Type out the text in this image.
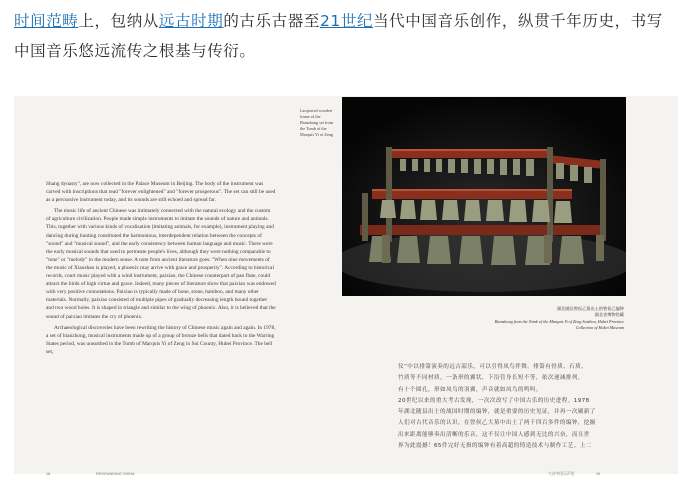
时间范畴上，包纳从远古时期的古乐古器至21世纪当代中国音乐创作，纵贯千年历史，书写
中国音乐悠远流传之根基与传衍。

Shang dynasty", are now collected in the Palace Museum in Beijing. The body of the instrument was carved with inscriptions that read "forever enlightened" and "forever prosperous". The set can still be used as a percussive instrument today, and its sounds are still echoed and spread far.

The music life of ancient Chinese was intimately connected with the natural ecology and the custom of agriculture civilization. People made simple instruments to imitate the sounds of nature and animals. This, together with various kinds of vocalisation (imitating animals, for example), instrument playing and dancing during hunting constituted the harmonious, interdependent relation between the concepts of "sound" and "musical sound", and the early consistency between human language and music. There were the early musical sounds that used to permeate people's lives, although they were nothing comparable to "tone" or "melody" in the modern sense. A note from ancient literature goes: "When nine movements of the music of Xiaoshao is played, a phoenix may arrive with grace and prosperity". According to historical records, court music played with a wind instrument, paixiao, the Chinese counterpart of pan flute, could attract the birds of high virtue and grace. Indeed, many pieces of literature show that paixiao was endowed with very positive connotations. Paixiao is typically made of bone, stone, bamboo, and many other materials. Normally, paixiao consisted of multiple pipes of gradually decreasing length bound together and two wood holes. It is shaped in triangle and similar to the wing of phoenix. Also, it is believed that the sound of paixiao imitates the cry of phoenix.

Archaeological discoveries have been rewriting the history of Chinese music again and again. In 1978, a set of bianzhong, musical instruments made up of a group of bronze bells that dated back to the Warring States period, was unearthed in the Tomb of Marquis Yi of Zeng in Sui County, Hubei Province. The bell set,

Lacquered wooden frame of the Bianzhong set from the Tomb of the Marquis Yi of Zeng
湖北随县曾侯乙墓出土的曾侯乙编钟
湖北省博物馆藏
Bianzhong from the Tomb of the Marquis Yi of Zeng Suizhou, Hubei Province
Collection of Hubei Museum

仪”中以排箫演奏的远古韶乐，可以引得凤鸟伴舞。排箫有骨质、石质、

竹质等不同材质，一条形的翼状，下沿管身长短不等，依次递减排列，

有十个圆孔，形如凤鸟的羽翼，声音就如凤鸟的鸣叫。

20世纪以来的重大考古发现，一次次改写了中国古乐的历史进程。1978

年湖北随县出土的战国时期的编钟，就是重要的历史见证，并再一次刷新了

人们对古代音乐的认识。在曾侯乙大墓中出土了两千四百多件的编钟，挖掘

出来距离能够奏出清晰的乐音，这不仅让中国人感到无比的兴奋，而且世

界为此震撼！65件完好无损的编钟有着高超的铸造技术与制作工艺。上二

18	RESOUNDING CHINA	大音中国乐声里	19
